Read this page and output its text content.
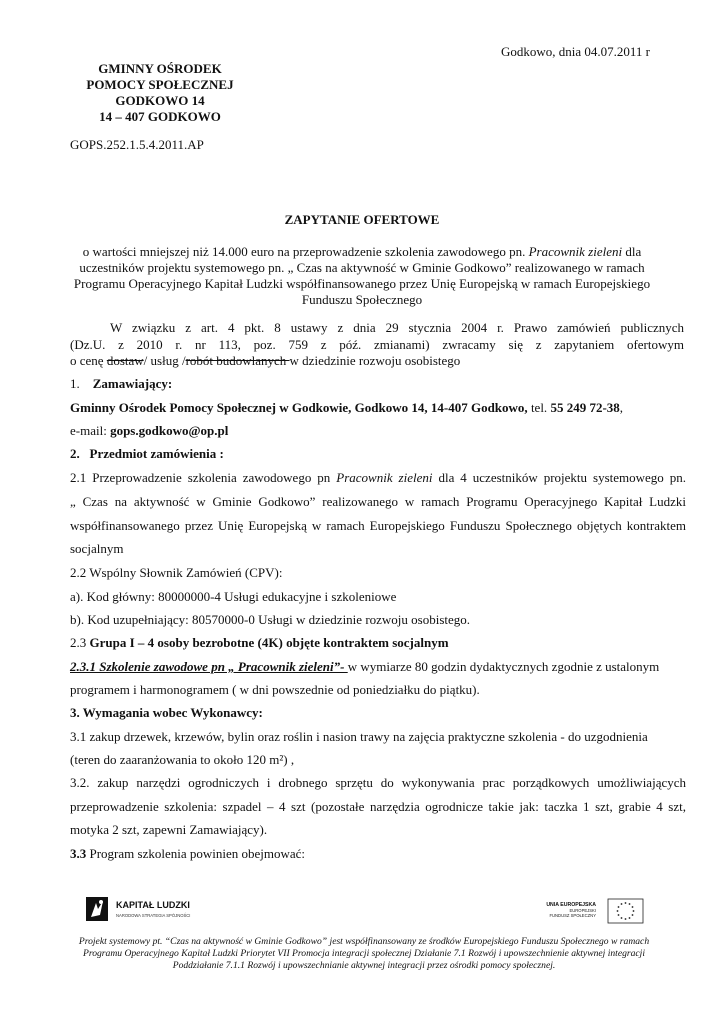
Godkowo, dnia 04.07.2011 r
GMINNY OŚRODEK
POMOCY SPOŁECZNEJ
GODKOWO 14
14 – 407 GODKOWO
GOPS.252.1.5.4.2011.AP
ZAPYTANIE OFERTOWE
o wartości mniejszej niż 14.000 euro na przeprowadzenie szkolenia zawodowego pn. Pracownik zieleni dla uczestników projektu systemowego pn. „ Czas na aktywność w Gminie Godkowo” realizowanego w ramach Programu Operacyjnego Kapitał Ludzki współfinansowanego przez Unię Europejską w ramach Europejskiego Funduszu Społecznego
W związku z art. 4 pkt. 8 ustawy z dnia 29 stycznia 2004 r. Prawo zamówień publicznych
(Dz.U. z 2010 r. nr 113, poz. 759 z póź. zmianami) zwracamy się z zapytaniem ofertowym
o cenę dostaw/ usług /robót budowlanych w dziedzinie rozwoju osobistego
1. Zamawiający:
Gminny Ośrodek Pomocy Społecznej w Godkowie, Godkowo 14, 14-407 Godkowo, tel. 55 249 72-38,
e-mail: gops.godkowo@op.pl
2. Przedmiot zamówienia :
2.1 Przeprowadzenie szkolenia zawodowego pn Pracownik zieleni dla 4 uczestników projektu systemowego pn.
„ Czas na aktywność w Gminie Godkowo” realizowanego w ramach Programu Operacyjnego Kapitał Ludzki
współfinansowanego przez Unię Europejską w ramach Europejskiego Funduszu Społecznego objętych kontraktem
socjalnym
2.2 Wspólny Słownik Zamówień (CPV):
a). Kod główny: 80000000-4 Usługi edukacyjne i szkoleniowe
b). Kod uzupełniający: 80570000-0 Usługi w dziedzinie rozwoju osobistego.
2.3 Grupa I – 4 osoby bezrobotne (4K) objęte kontraktem socjalnym
2.3.1 Szkolenie zawodowe pn „ Pracownik zieleni”- w wymiarze 80 godzin dydaktycznych zgodnie z ustalonym
programem i harmonogramem ( w dni powszednie od poniedziałku do piątku).
3. Wymagania wobec Wykonawcy:
3.1 zakup drzewek, krzewów, bylin oraz roślin i nasion trawy na zajęcia praktyczne szkolenia - do uzgodnienia
(teren do zaaranżowania to około 120 m²) ,
3.2. zakup narzędzi ogrodniczych i drobnego sprzętu do wykonywania prac porządkowych umożliwiających
przeprowadzenie szkolenia: szpadel – 4 szt (pozostałe narzędzia ogrodnicze takie jak: taczka 1 szt, grabie 4 szt,
motyka 2 szt, zapewni Zamawiający).
3.3 Program szkolenia powinien obejmować:
KAPITAŁ LUDZKI
NARODOWA STRATEGIA SPÓJNOŚCI
UNIA EUROPEJSKA
EUROPEJSKI
FUNDUSZ SPOŁECZNY
Projekt systemowy pt. “Czas na aktywność w Gminie Godkowo” jest współfinansowany ze środków Europejskiego Funduszu Społecznego w ramach Programu Operacyjnego Kapitał Ludzki Priorytet VII Promocja integracji społecznej Działanie 7.1 Rozwój i upowszechnienie aktywnej integracji Poddziałanie 7.1.1 Rozwój i upowszechnianie aktywnej integracji przez ośrodki pomocy społecznej.
